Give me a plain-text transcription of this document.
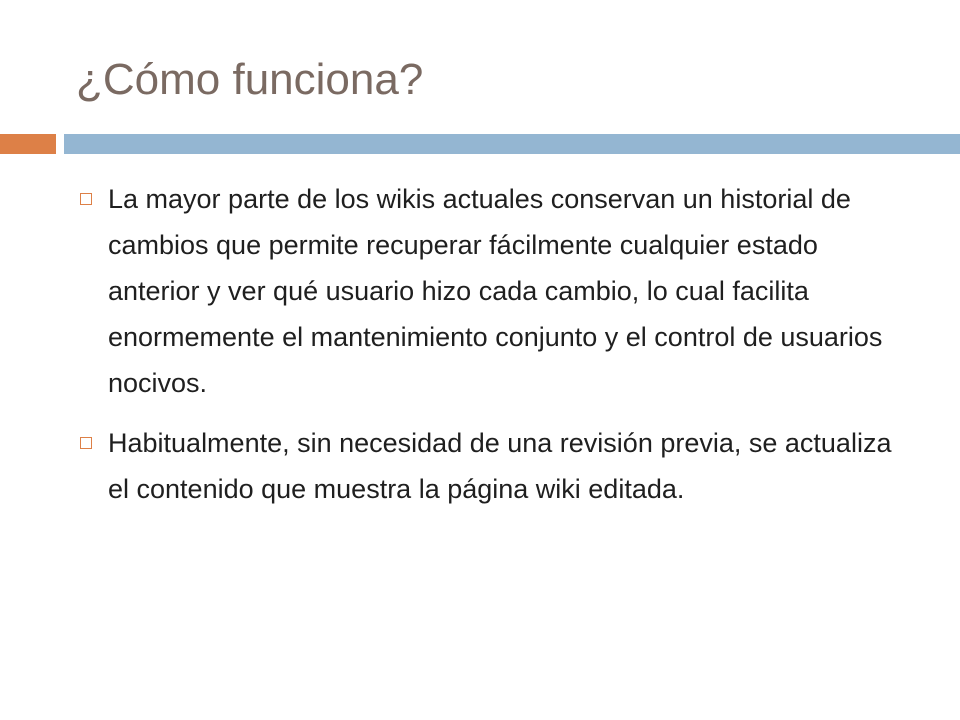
¿Cómo funciona?
La mayor parte de los wikis actuales conservan un historial de cambios que permite recuperar fácilmente cualquier estado anterior y ver qué usuario hizo cada cambio, lo cual facilita enormemente el mantenimiento conjunto y el control de usuarios nocivos.
Habitualmente, sin necesidad de una revisión previa, se actualiza el contenido que muestra la página wiki editada.
